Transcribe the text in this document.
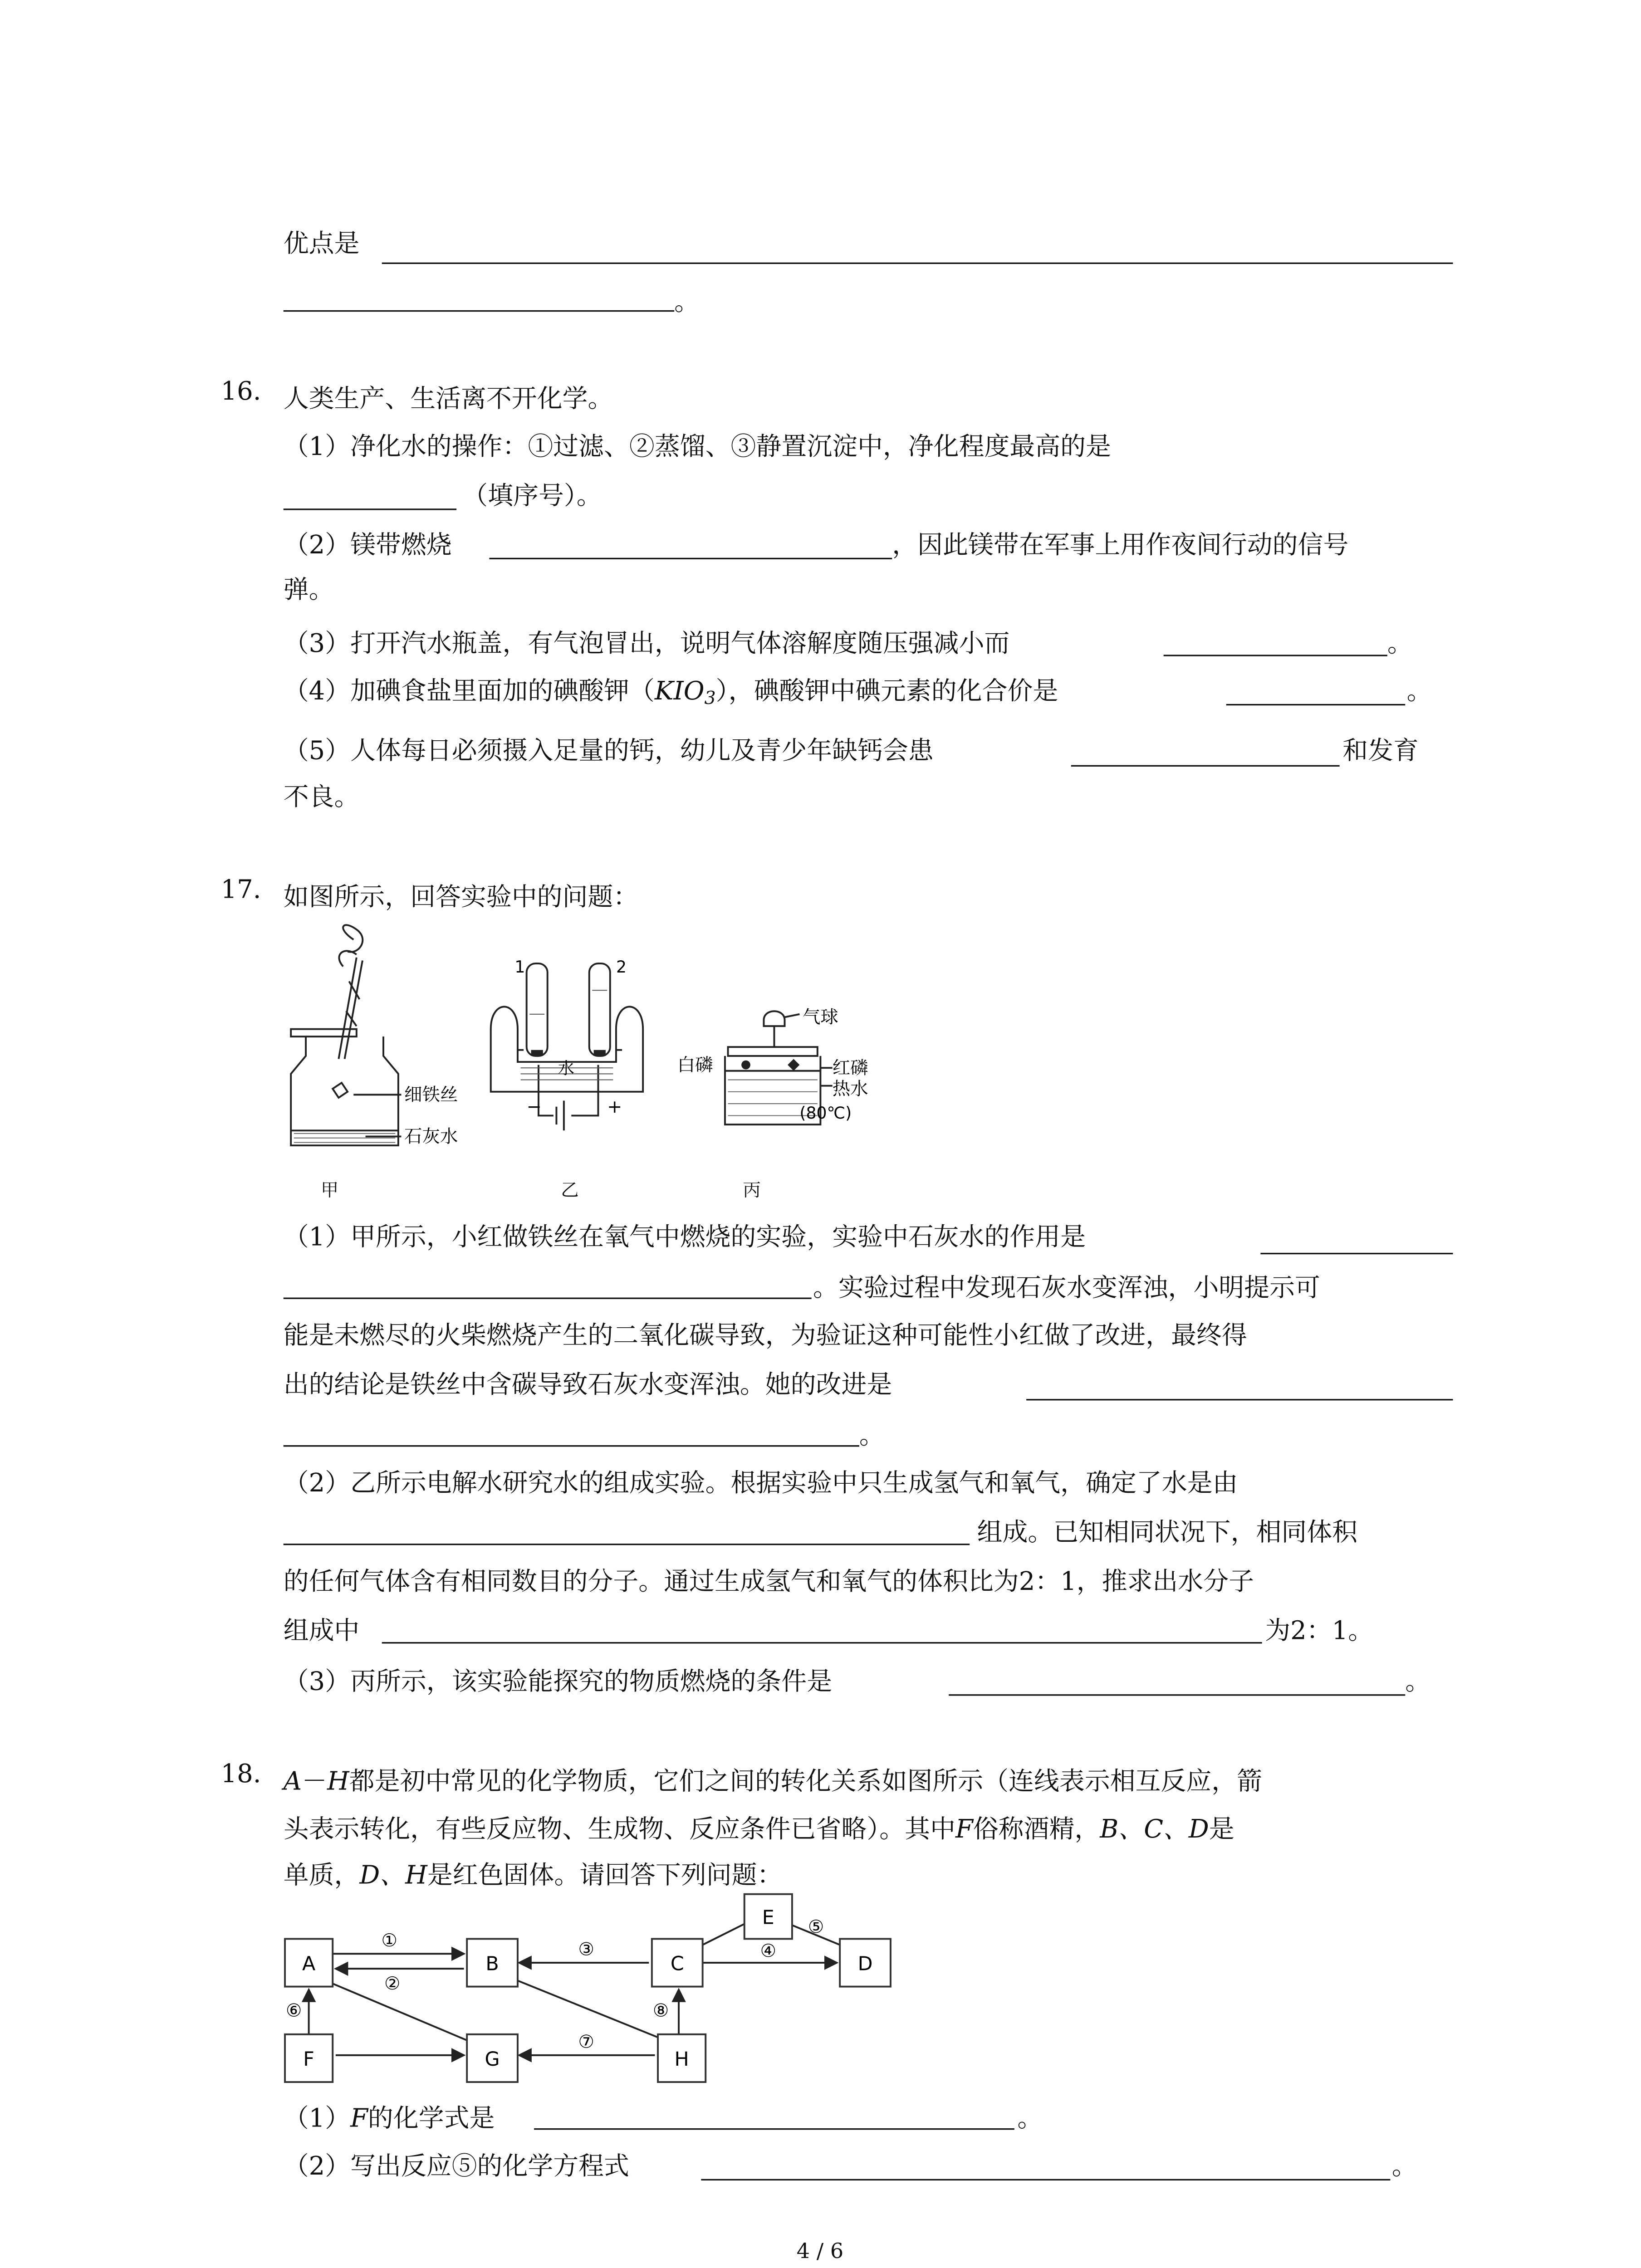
优点是
。
16.	人类生产、生活离不开化学。
（1）净化水的操作：①过滤、②蒸馏、③静置沉淀中，净化程度最高的是
（填序号）。
（2）镁带燃烧	，因此镁带在军事上用作夜间行动的信号
弹。
（3）打开汽水瓶盖，有气泡冒出，说明气体溶解度随压强减小而	。
（4）加碘食盐里面加的碘酸钾$(KIO_3)$，碘酸钾中碘元素的化合价是	。
（5）人体每日必须摄入足量的钙，幼儿及青少年缺钙会患	和发育
不良。
17.	如图所示，回答实验中的问题：
细铁丝
石灰水
1	2
水
−	+
气球
白磷	红磷
热水
(80℃)
甲	乙	丙
（1）甲所示，小红做铁丝在氧气中燃烧的实验，实验中石灰水的作用是
。实验过程中发现石灰水变浑浊，小明提示可
能是未燃尽的火柴燃烧产生的二氧化碳导致，为验证这种可能性小红做了改进，最终得
出的结论是铁丝中含碳导致石灰水变浑浊。她的改进是
。
（2）乙所示电解水研究水的组成实验。根据实验中只生成氢气和氧气，确定了水是由
组成。已知相同状况下，相同体积
的任何气体含有相同数目的分子。通过生成氢气和氧气的体积比为2：1，推求出水分子
组成中	为2：1。
（3）丙所示，该实验能探究的物质燃烧的条件是	。
18.	A－H都是初中常见的化学物质，它们之间的转化关系如图所示（连线表示相互反应，箭
头表示转化，有些反应物、生成物、反应条件已省略）。其中F俗称酒精，B、C、D是
单质，D、H是红色固体。请回答下列问题：
A	B	C	D
E
F	G	H
①
②
③	④
⑤
⑥
⑦
⑧
（1）F的化学式是	。
（2）写出反应⑤的化学方程式	。
4 / 6
